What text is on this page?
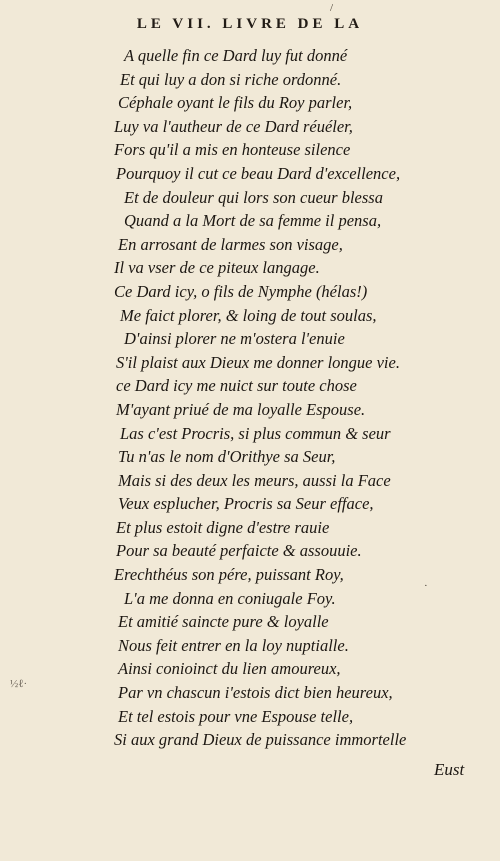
/
LE VII. LIVRE DE LA
A quelle fin ce Dard luy fut donné
Et qui luy a don si riche ordonné.
Céphale oyant le fils du Roy parler,
Luy va l'autheur de ce Dard réuéler,
Fors qu'il a mis en honteuse silence
Pourquoy il cut ce beau Dard d'excellence,
Et de douleur qui lors son cueur blessa
Quand a la Mort de sa femme il pensa,
En arrosant de larmes son visage,
Il va vser de ce piteux langage.
Ce Dard icy, o fils de Nymphe (hélas!)
Me faict plorer, & loing de tout soulas,
D'ainsi plorer ne m'ostera l'enuie
S'il plaist aux Dieux me donner longue vie.
ce Dard icy me nuict sur toute chose
M'ayant priué de ma loyalle Espouse.
Las c'est Procris, si plus commun & seur
Tu n'as le nom d'Orithye sa Seur,
Mais si des deux les meurs, aussi la Face
Veux esplucher, Procris sa Seur efface,
Et plus estoit digne d'estre rauie
Pour sa beauté perfaicte & assouuie.
Erechthéus son pére, puissant Roy,
L'a me donna en coniugale Foy.
Et amitié saincte pure & loyalle
Nous feit entrer en la loy nuptialle.
Ainsi conioinct du lien amoureux,
Par vn chascun i'estois dict bien heureux,
Et tel estois pour vne Espouse telle,
Si aux grand Dieux de puissance immortelle
½ℓ·
·
Eust
